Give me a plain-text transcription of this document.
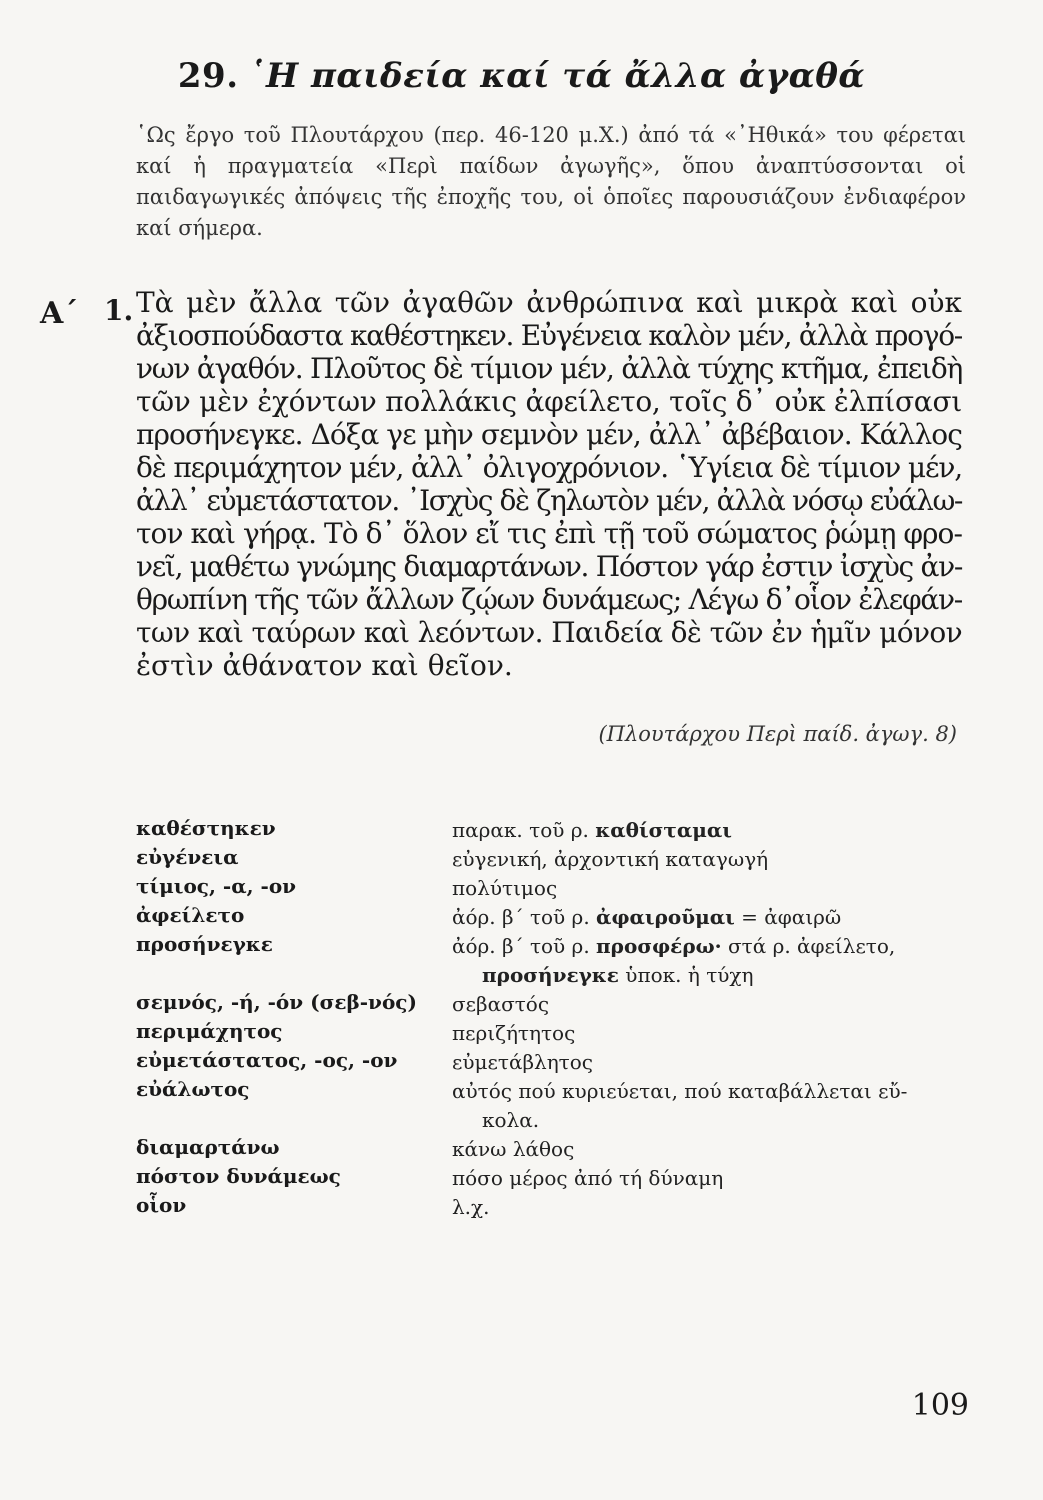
29. ῾Η παιδεία καί τά ἄλλα ἀγαθά
῾Ως ἔργο τοῦ Πλουτάρχου (περ. 46-120 μ.Χ.) ἀπό τά «᾿Ηθικά» του φέρεται καί ἡ πραγματεία «Περὶ παίδων ἀγωγῆς», ὅπου ἀναπτύσσονται οἱ παιδαγωγικές ἀπόψεις τῆς ἐποχῆς του, οἱ ὁποῖες παρουσιάζουν ἐνδιαφέρον καί σήμερα.
Α΄ 1. Τὰ μὲν ἄλλα τῶν ἀγαθῶν ἀνθρώπινα καὶ μικρὰ καὶ οὐκ
ἀξιοσπούδαστα καθέστηκεν. Εὐγένεια καλὸν μέν, ἀλλὰ προγό-
νων ἀγαθόν. Πλοῦτος δὲ τίμιον μέν, ἀλλὰ τύχης κτῆμα, ἐπειδὴ
τῶν μὲν ἐχόντων πολλάκις ἀφείλετο, τοῖς δ᾿ οὐκ ἐλπίσασι
προσήνεγκε. Δόξα γε μὴν σεμνὸν μέν, ἀλλ᾿ ἀβέβαιον. Κάλλος
δὲ περιμάχητον μέν, ἀλλ᾿ ὀλιγοχρόνιον. ῾Υγίεια δὲ τίμιον μέν,
ἀλλ᾿ εὐμετάστατον. ᾿Ισχὺς δὲ ζηλωτὸν μέν, ἀλλὰ νόσῳ εὐάλω-
τον καὶ γήρᾳ. Τὸ δ᾿ ὅλον εἴ τις ἐπὶ τῇ τοῦ σώματος ῥώμῃ φρο-
νεῖ, μαθέτω γνώμης διαμαρτάνων. Πόστον γάρ ἐστιν ἰσχὺς ἀν-
θρωπίνη τῆς τῶν ἄλλων ζῴων δυνάμεως; Λέγω δ᾿οἷον ἐλεφάν-
των καὶ ταύρων καὶ λεόντων. Παιδεία δὲ τῶν ἐν ἡμῖν μόνον
ἐστὶν ἀθάνατον καὶ θεῖον.
(Πλουτάρχου Περὶ παίδ. ἀγωγ. 8)
καθέστηκεν	παρακ. τοῦ ρ. καθίσταμαι
εὐγένεια	εὐγενική, ἀρχοντική καταγωγή
τίμιος, -α, -ον	πολύτιμος
ἀφείλετο	ἀόρ. β΄ τοῦ ρ. ἀφαιροῦμαι = ἀφαιρῶ
προσήνεγκε	ἀόρ. β΄ τοῦ ρ. προσφέρω· στά ρ. ἀφείλετο,
προσήνεγκε ὑποκ. ἡ τύχη
σεμνός, -ή, -όν (σεβ-νός)	σεβαστός
περιμάχητος	περιζήτητος
εὐμετάστατος, -ος, -ον	εὐμετάβλητος
εὐάλωτος	αὐτός πού κυριεύεται, πού καταβάλλεται εὔ-
κολα.
διαμαρτάνω	κάνω λάθος
πόστον δυνάμεως	πόσο μέρος ἀπό τή δύναμη
οἷον	λ.χ.
109
